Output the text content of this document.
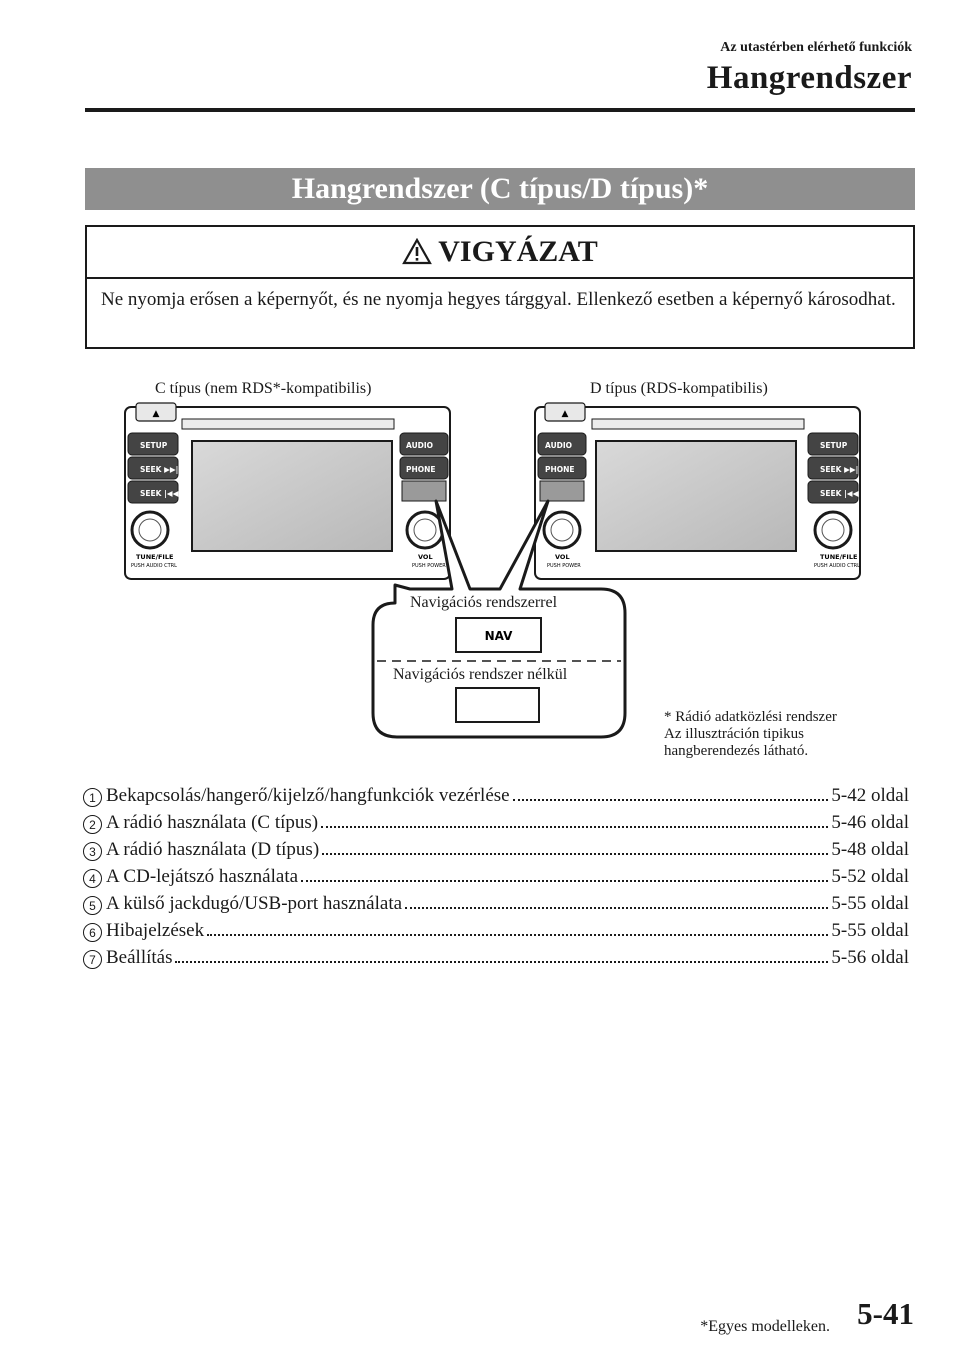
Az utastérben elérhető funkciók
Hangrendszer
Hangrendszer (C típus/D típus)*
VIGYÁZAT
Ne nyomja erősen a képernyőt, és ne nyomja hegyes tárggyal. Ellenkező esetben a képernyő károsodhat.
C típus (nem RDS*-kompatibilis)	D típus (RDS-kompatibilis)
▲
SETUP
SEEK ▶▶|
SEEK |◀◀
AUDIO
PHONE
TUNE/FILE
PUSH AUDIO CTRL
VOL
PUSH POWER
▲
AUDIO
PHONE
SETUP
SEEK ▶▶|
SEEK |◀◀
VOL
PUSH POWER
TUNE/FILE
PUSH AUDIO CTRL
NAV
Navigációs rendszerrel
Navigációs rendszer nélkül
* Rádió adatközlési rendszer
Az illusztráción tipikus
hangberendezés látható.
1 Bekapcsolás/hangerő/kijelző/hangfunkciók vezérlése	5-42 oldal
2 A rádió használata (C típus)	5-46 oldal
3 A rádió használata (D típus)	5-48 oldal
4 A CD-lejátszó használata	5-52 oldal
5 A külső jackdugó/USB-port használata	5-55 oldal
6 Hibajelzések	5-55 oldal
7 Beállítás	5-56 oldal
*Egyes modelleken. 5-41
